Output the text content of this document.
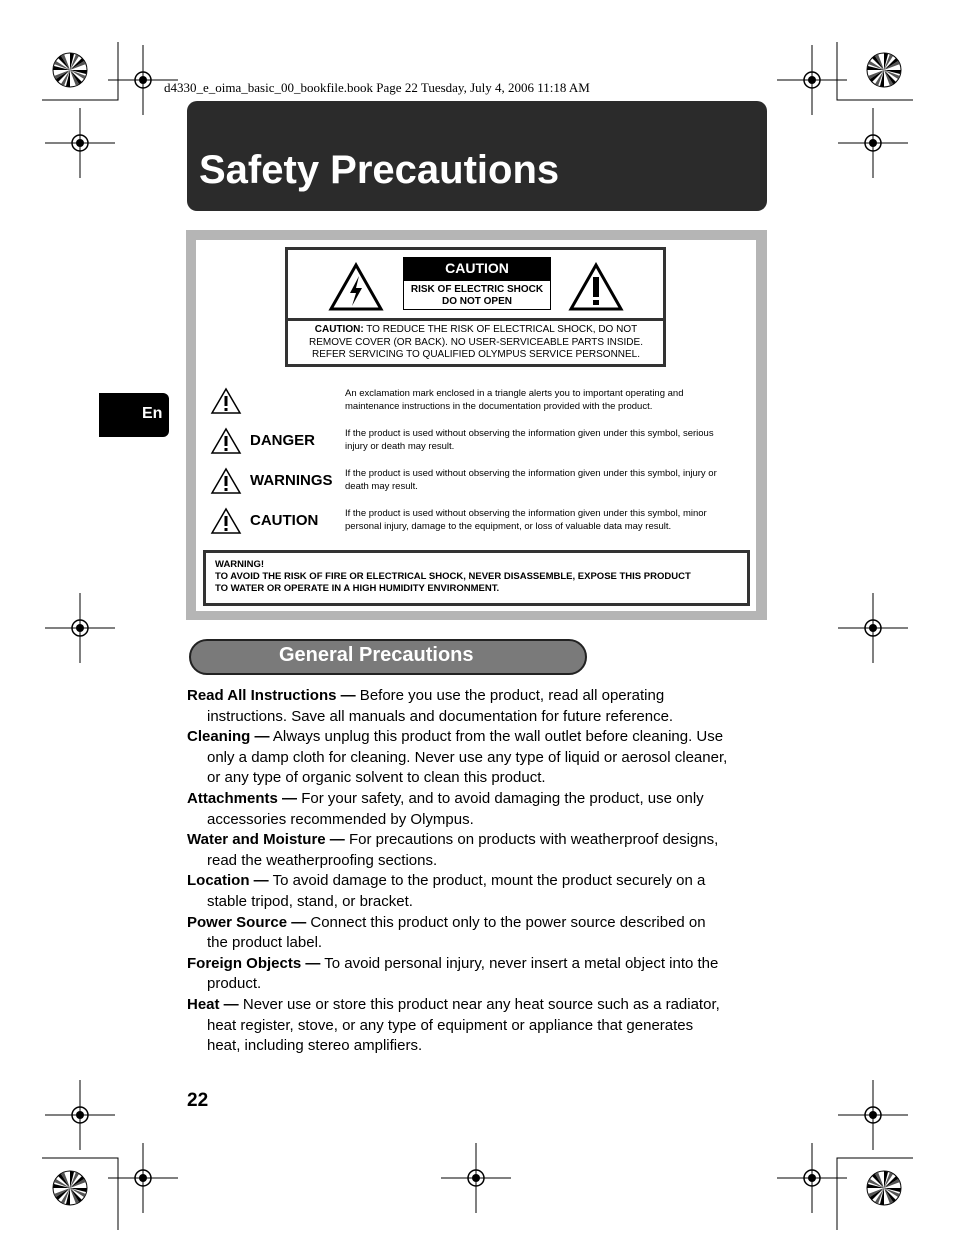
d4330_e_oima_basic_00_bookfile.book Page 22 Tuesday, July 4, 2006 11:18 AM
Safety Precautions
En
CAUTION
RISK OF ELECTRIC SHOCK
DO NOT OPEN
CAUTION: TO REDUCE THE RISK OF ELECTRICAL SHOCK, DO NOT
REMOVE COVER (OR BACK). NO USER-SERVICEABLE PARTS INSIDE.
REFER SERVICING TO QUALIFIED OLYMPUS SERVICE PERSONNEL.
An exclamation mark enclosed in a triangle alerts you to important operating and
maintenance instructions in the documentation provided with the product.
DANGER	If the product is used without observing the information given under this symbol, serious
injury or death may result.
WARNINGS If the product is used without observing the information given under this symbol, injury or
death may result.
CAUTION	If the product is used without observing the information given under this symbol, minor
personal injury, damage to the equipment, or loss of valuable data may result.
WARNING!
TO AVOID THE RISK OF FIRE OR ELECTRICAL SHOCK, NEVER DISASSEMBLE, EXPOSE THIS PRODUCT
TO WATER OR OPERATE IN A HIGH HUMIDITY ENVIRONMENT.
General Precautions
Read All Instructions — Before you use the product, read all operating
instructions. Save all manuals and documentation for future reference.
Cleaning — Always unplug this product from the wall outlet before cleaning. Use
only a damp cloth for cleaning. Never use any type of liquid or aerosol cleaner,
or any type of organic solvent to clean this product.
Attachments — For your safety, and to avoid damaging the product, use only
accessories recommended by Olympus.
Water and Moisture — For precautions on products with weatherproof designs,
read the weatherproofing sections.
Location — To avoid damage to the product, mount the product securely on a
stable tripod, stand, or bracket.
Power Source — Connect this product only to the power source described on
the product label.
Foreign Objects — To avoid personal injury, never insert a metal object into the
product.
Heat — Never use or store this product near any heat source such as a radiator,
heat register, stove, or any type of equipment or appliance that generates
heat, including stereo amplifiers.
22
